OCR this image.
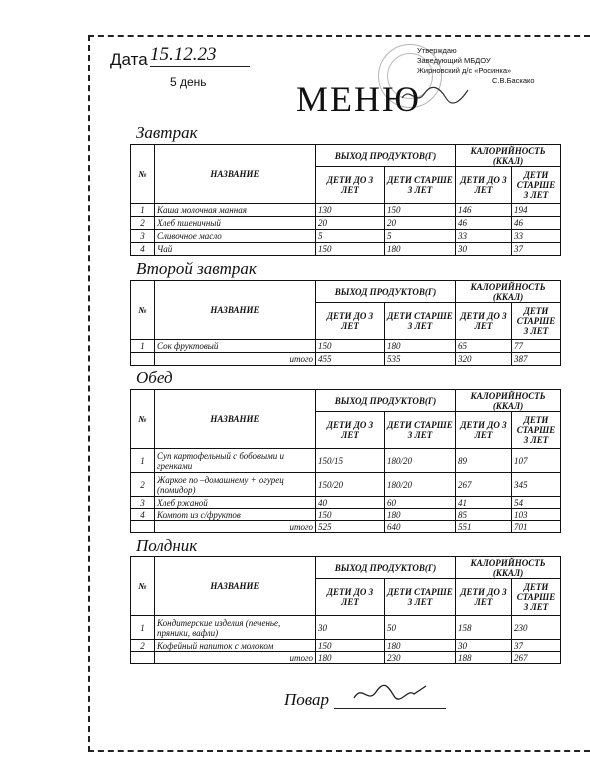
Дата 15.12.23
5 день
Утверждаю
Заведующий МБДОУ
Жирновский д/с «Росинка»
С.В.Баскако
МЕНЮ
Завтрак
№	НАЗВАНИЕ	ВЫХОД ПРОДУКТОВ(Г)		КАЛОРИЙНОСТЬ (ККАЛ)	
		ДЕТИ ДО 3 ЛЕТ	ДЕТИ СТАРШЕ 3 ЛЕТ	ДЕТИ ДО 3 ЛЕТ	ДЕТИ СТАРШЕ 3 ЛЕТ
1	Каша молочная манная	130	150	146	194
2	Хлеб пшеничный	20	20	46	46
3	Сливочное масло	5	5	33	33
4	Чай	150	180	30	37
Второй завтрак
№	НАЗВАНИЕ	ВЫХОД ПРОДУКТОВ(Г)		КАЛОРИЙНОСТЬ (ККАЛ)	
		ДЕТИ ДО 3 ЛЕТ	ДЕТИ СТАРШЕ 3 ЛЕТ	ДЕТИ ДО 3 ЛЕТ	ДЕТИ СТАРШЕ 3 ЛЕТ
1	Сок фруктовый	150	180	65	77
	итого	455	535	320	387
Обед
№	НАЗВАНИЕ	ВЫХОД ПРОДУКТОВ(Г)		КАЛОРИЙНОСТЬ (ККАЛ)	
		ДЕТИ ДО 3 ЛЕТ	ДЕТИ СТАРШЕ 3 ЛЕТ	ДЕТИ ДО 3 ЛЕТ	ДЕТИ СТАРШЕ 3 ЛЕТ
1	Суп картофельный с бобовыми и гренками	150/15	180/20	89	107
2	Жаркое по –домашнему + огурец (помидор)	150/20	180/20	267	345
3	Хлеб ржаной	40	60	41	54
4	Компот из с/фруктов	150	180	85	103
	итого	525	640	551	701
Полдник
№	НАЗВАНИЕ	ВЫХОД ПРОДУКТОВ(Г)		КАЛОРИЙНОСТЬ (ККАЛ)	
		ДЕТИ ДО 3 ЛЕТ	ДЕТИ СТАРШЕ 3 ЛЕТ	ДЕТИ ДО 3 ЛЕТ	ДЕТИ СТАРШЕ 3 ЛЕТ
1	Кондитерские изделия (печенье, пряники, вафли)	30	50	158	230
2	Кофейный напиток с молоком	150	180	30	37
	итого	180	230	188	267
Повар
